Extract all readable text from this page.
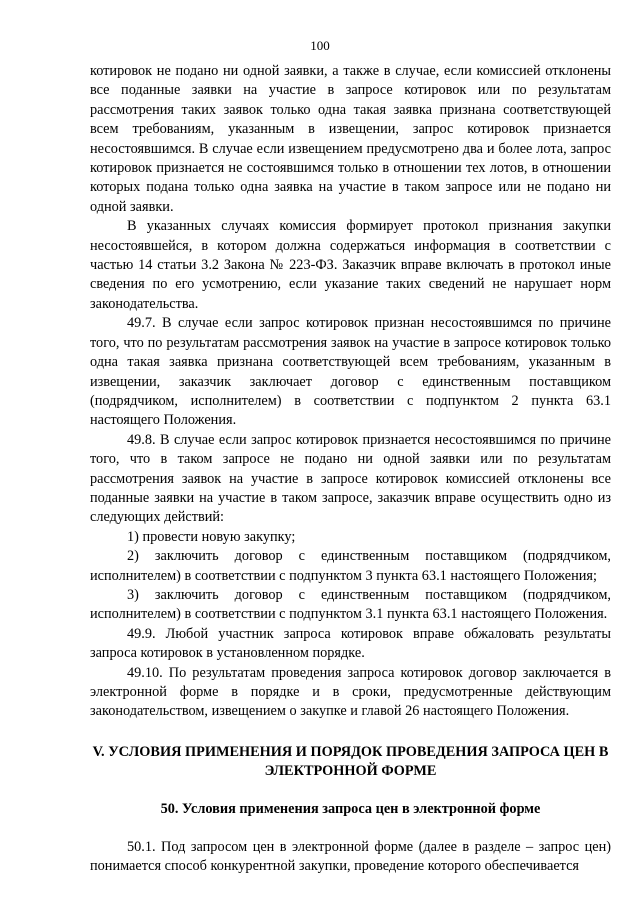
100

котировок не подано ни одной заявки, а также в случае, если комиссией отклонены все поданные заявки на участие в запросе котировок или по результатам рассмотрения таких заявок только одна такая заявка признана соответствующей всем требованиям, указанным в извещении, запрос котировок признается несостоявшимся. В случае если извещением предусмотрено два и более лота, запрос котировок признается не состоявшимся только в отношении тех лотов, в отношении которых подана только одна заявка на участие в таком запросе или не подано ни одной заявки.

В указанных случаях комиссия формирует протокол признания закупки несостоявшейся, в котором должна содержаться информация в соответствии с частью 14 статьи 3.2 Закона № 223-ФЗ. Заказчик вправе включать в протокол иные сведения по его усмотрению, если указание таких сведений не нарушает норм законодательства.

49.7. В случае если запрос котировок признан несостоявшимся по причине того, что по результатам рассмотрения заявок на участие в запросе котировок только одна такая заявка признана соответствующей всем требованиям, указанным в извещении, заказчик заключает договор с единственным поставщиком (подрядчиком, исполнителем) в соответствии с подпунктом 2 пункта 63.1 настоящего Положения.

49.8. В случае если запрос котировок признается несостоявшимся по причине того, что в таком запросе не подано ни одной заявки или по результатам рассмотрения заявок на участие в запросе котировок комиссией отклонены все поданные заявки на участие в таком запросе, заказчик вправе осуществить одно из следующих действий:

1) провести новую закупку;

2) заключить договор с единственным поставщиком (подрядчиком, исполнителем) в соответствии с подпунктом 3 пункта 63.1 настоящего Положения;

3) заключить договор с единственным поставщиком (подрядчиком, исполнителем) в соответствии с подпунктом 3.1 пункта 63.1 настоящего Положения.

49.9. Любой участник запроса котировок вправе обжаловать результаты запроса котировок в установленном порядке.

49.10. По результатам проведения запроса котировок договор заключается в электронной форме в порядке и в сроки, предусмотренные действующим законодательством, извещением о закупке и главой 26 настоящего Положения.

V. УСЛОВИЯ ПРИМЕНЕНИЯ И ПОРЯДОК ПРОВЕДЕНИЯ ЗАПРОСА ЦЕН В ЭЛЕКТРОННОЙ ФОРМЕ
50. Условия применения запроса цен в электронной форме

50.1. Под запросом цен в электронной форме (далее в разделе – запрос цен) понимается способ конкурентной закупки, проведение которого обеспечивается
